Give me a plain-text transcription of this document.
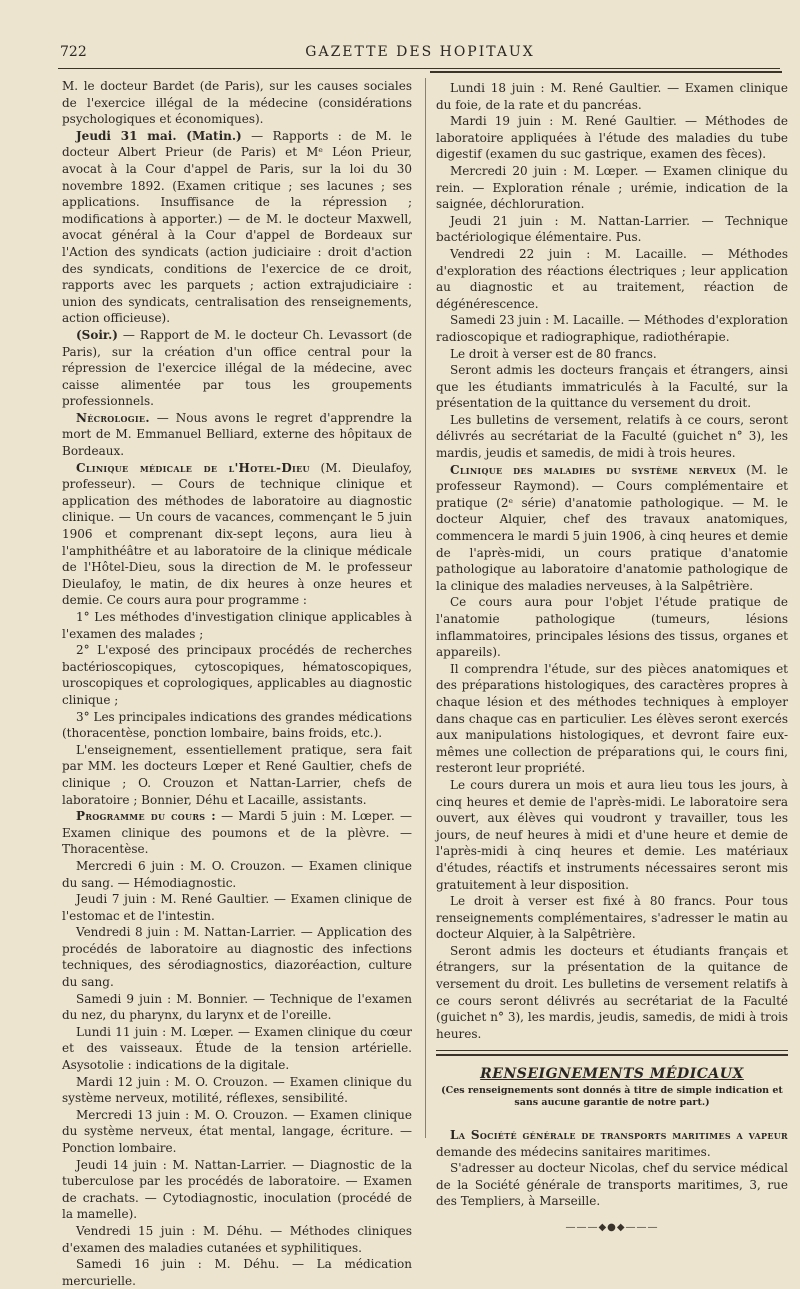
722	GAZETTE DES HOPITAUX

M. le docteur Bardet (de Paris), sur les causes sociales de l'exercice illégal de la médecine (considérations psychologiques et économiques).

Jeudi 31 mai. (Matin.) — Rapports : de M. le docteur Albert Prieur (de Paris) et Mᵉ Léon Prieur, avocat à la Cour d'appel de Paris, sur la loi du 30 novembre 1892. (Examen critique ; ses lacunes ; ses applications. Insuffisance de la répression ; modifications à apporter.) — de M. le docteur Maxwell, avocat général à la Cour d'appel de Bordeaux sur l'Action des syndicats (action judiciaire : droit d'action des syndicats, conditions de l'exercice de ce droit, rapports avec les parquets ; action extrajudiciaire : union des syndicats, centralisation des renseignements, action officieuse).

(Soir.) — Rapport de M. le docteur Ch. Levassort (de Paris), sur la création d'un office central pour la répression de l'exercice illégal de la médecine, avec caisse alimentée par tous les groupements professionnels.

Nécrologie. — Nous avons le regret d'apprendre la mort de M. Emmanuel Belliard, externe des hôpitaux de Bordeaux.

Clinique médicale de l'Hotel-Dieu (M. Dieulafoy, professeur). — Cours de technique clinique et application des méthodes de laboratoire au diagnostic clinique. — Un cours de vacances, commençant le 5 juin 1906 et comprenant dix-sept leçons, aura lieu à l'amphithéâtre et au laboratoire de la clinique médicale de l'Hôtel-Dieu, sous la direction de M. le professeur Dieulafoy, le matin, de dix heures à onze heures et demie. Ce cours aura pour programme :

1° Les méthodes d'investigation clinique applicables à l'examen des malades ;

2° L'exposé des principaux procédés de recherches bactérioscopiques, cytoscopiques, hématoscopiques, uroscopiques et coprologiques, applicables au diagnostic clinique ;

3° Les principales indications des grandes médications (thoracentèse, ponction lombaire, bains froids, etc.).

L'enseignement, essentiellement pratique, sera fait par MM. les docteurs Lœper et René Gaultier, chefs de clinique ; O. Crouzon et Nattan-Larrier, chefs de laboratoire ; Bonnier, Déhu et Lacaille, assistants.

Programme du cours : — Mardi 5 juin : M. Lœper. — Examen clinique des poumons et de la plèvre. — Thoracentèse.

Mercredi 6 juin : M. O. Crouzon. — Examen clinique du sang. — Hémodiagnostic.

Jeudi 7 juin : M. René Gaultier. — Examen clinique de l'estomac et de l'intestin.

Vendredi 8 juin : M. Nattan-Larrier. — Application des procédés de laboratoire au diagnostic des infections techniques, des sérodiagnostics, diazoréaction, culture du sang.

Samedi 9 juin : M. Bonnier. — Technique de l'examen du nez, du pharynx, du larynx et de l'oreille.

Lundi 11 juin : M. Lœper. — Examen clinique du cœur et des vaisseaux. Étude de la tension artérielle. Asysotolie : indications de la digitale.

Mardi 12 juin : M. O. Crouzon. — Examen clinique du système nerveux, motilité, réflexes, sensibilité.

Mercredi 13 juin : M. O. Crouzon. — Examen clinique du système nerveux, état mental, langage, écriture. — Ponction lombaire.

Jeudi 14 juin : M. Nattan-Larrier. — Diagnostic de la tuberculose par les procédés de laboratoire. — Examen de crachats. — Cytodiagnostic, inoculation (procédé de la mamelle).

Vendredi 15 juin : M. Déhu. — Méthodes cliniques d'examen des maladies cutanées et syphilitiques.

Samedi 16 juin : M. Déhu. — La médication mercurielle.

Lundi 18 juin : M. René Gaultier. — Examen clinique du foie, de la rate et du pancréas.

Mardi 19 juin : M. René Gaultier. — Méthodes de laboratoire appliquées à l'étude des maladies du tube digestif (examen du suc gastrique, examen des fèces).

Mercredi 20 juin : M. Lœper. — Examen clinique du rein. — Exploration rénale ; urémie, indication de la saignée, déchloruration.

Jeudi 21 juin : M. Nattan-Larrier. — Technique bactériologique élémentaire. Pus.

Vendredi 22 juin : M. Lacaille. — Méthodes d'exploration des réactions électriques ; leur application au diagnostic et au traitement, réaction de dégénérescence.

Samedi 23 juin : M. Lacaille. — Méthodes d'exploration radioscopique et radiographique, radiothérapie.

Le droit à verser est de 80 francs.

Seront admis les docteurs français et étrangers, ainsi que les étudiants immatriculés à la Faculté, sur la présentation de la quittance du versement du droit.

Les bulletins de versement, relatifs à ce cours, seront délivrés au secrétariat de la Faculté (guichet n° 3), les mardis, jeudis et samedis, de midi à trois heures.

Clinique des maladies du système nerveux (M. le professeur Raymond). — Cours complémentaire et pratique (2ᵉ série) d'anatomie pathologique. — M. le docteur Alquier, chef des travaux anatomiques, commencera le mardi 5 juin 1906, à cinq heures et demie de l'après-midi, un cours pratique d'anatomie pathologique au laboratoire d'anatomie pathologique de la clinique des maladies nerveuses, à la Salpêtrière.

Ce cours aura pour l'objet l'étude pratique de l'anatomie pathologique (tumeurs, lésions inflammatoires, principales lésions des tissus, organes et appareils).

Il comprendra l'étude, sur des pièces anatomiques et des préparations histologiques, des caractères propres à chaque lésion et des méthodes techniques à employer dans chaque cas en particulier. Les élèves seront exercés aux manipulations histologiques, et devront faire eux-mêmes une collection de préparations qui, le cours fini, resteront leur propriété.

Le cours durera un mois et aura lieu tous les jours, à cinq heures et demie de l'après-midi. Le laboratoire sera ouvert, aux élèves qui voudront y travailler, tous les jours, de neuf heures à midi et d'une heure et demie de l'après-midi à cinq heures et demie. Les matériaux d'études, réactifs et instruments nécessaires seront mis gratuitement à leur disposition.

Le droit à verser est fixé à 80 francs. Pour tous renseignements complémentaires, s'adresser le matin au docteur Alquier, à la Salpêtrière.

Seront admis les docteurs et étudiants français et étrangers, sur la présentation de la quitance de versement du droit. Les bulletins de versement relatifs à ce cours seront délivrés au secrétariat de la Faculté (guichet n° 3), les mardis, jeudis, samedis, de midi à trois heures.

RENSEIGNEMENTS MÉDICAUX
(Ces renseignements sont donnés à titre de simple indication et sans aucune garantie de notre part.)

La Société générale de transports maritimes a vapeur demande des médecins sanitaires maritimes.

S'adresser au docteur Nicolas, chef du service médical de la Société générale de transports maritimes, 3, rue des Templiers, à Marseille.

———◆●◆———
